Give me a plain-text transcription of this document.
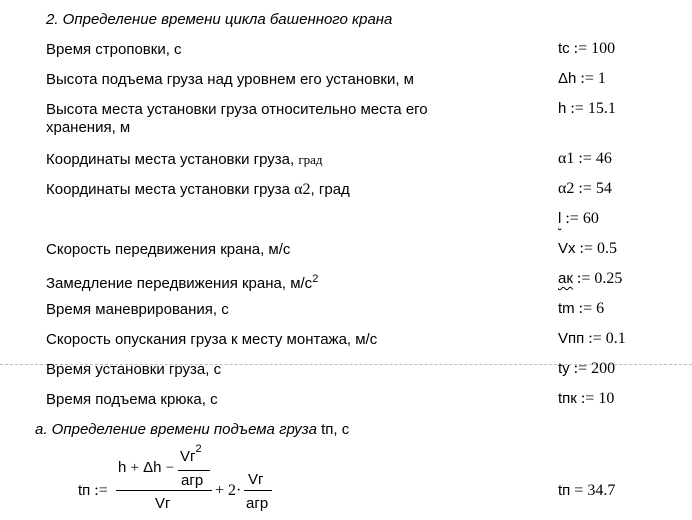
2. Определение времени цикла башенного крана
Время строповки, с	tc := 100
Высота подъема груза над уровнем его установки, м	Δh := 1
Высота места установки груза относительно места его
хранения, м
h := 15.1
Координаты места установки груза, град	α1 := 46
Координаты места установки груза α2, град	α2 := 54
l := 60
Скорость передвижения крана, м/с	Vx := 0.5
Замедление передвижения крана, $м/с^2$	aк := 0.25
Время маневрирования, с	tm := 6
Скорость опускания груза к месту монтажа, м/с	Vпп := 0.1
Время установки груза, с	ty := 200
Время подъема крюка, с	tпк := 10
a. Определение времени подъема груза tп, с
tп :=
h + Δh −
$Vг^2$
aгр
Vг
+ 2·
Vг
aгр
tп = 34.7
